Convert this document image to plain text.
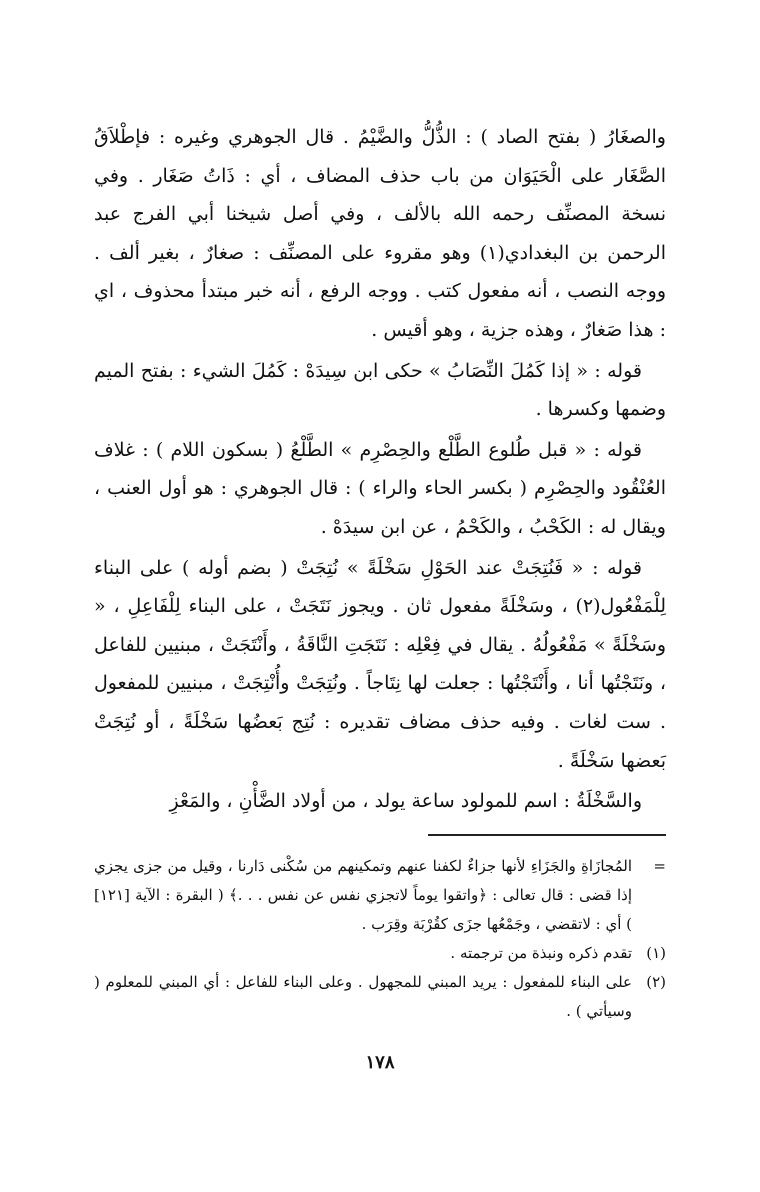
والصغَارُ ( بفتح الصاد ) : الذُّلُّ والضَّيْمُ . قال الجوهري وغيره : فإطْلاَقُ الصَّغَار على الْحَيَوَان من باب حذف المضاف ، أي : ذَاتُ صَغَار . وفي نسخة المصنِّف رحمه الله بالألف ، وفي أصل شيخنا أبي الفرج عبد الرحمن بن البغدادي(١) وهو مقروء على المصنِّف : صغارٌ ، بغير ألف . ووجه النصب ، أنه مفعول كتب . ووجه الرفع ، أنه خبر مبتدأ محذوف ، اي : هذا صَغارٌ ، وهذه جزية ، وهو أقيس .

قوله : « إذا كَمُلَ النِّصَابُ » حكى ابن سِيدَهْ : كَمُلَ الشيء : بفتح الميم وضمها وكسرها .

قوله : « قبل طُلوع الطَّلْع والحِصْرِم » الطَّلْعُ ( بسكون اللام ) : غلاف العُنْقُود والحِصْرِم ( بكسر الحاء والراء ) : قال الجوهري : هو أول العنب ، ويقال له : الكَحْبُ ، والكَحْمُ ، عن ابن سيدَهْ .

قوله : « فَنُتِجَتْ عند الحَوْلِ سَخْلَةً » نُتِجَتْ ( بضم أوله ) على البناء لِلْمَفْعُول(٢) ، وسَخْلَةً مفعول ثان . ويجوز نَتَجَتْ ، على البناء لِلْفَاعِلِ ، « وسَخْلَةً » مَفْعُولُهُ . يقال في فِعْلِه : نَتَجَتِ النَّاقَةُ ، وأَنْتَجَتْ ، مبنيين للفاعل ، ونَتَجْتُها أنا ، وأَنْتَجْتُها : جعلت لها نِتَاجاً . ونُتِجَتْ وأُنْتِجَتْ ، مبنيين للمفعول . ست لغات . وفيه حذف مضاف تقديره : نُتِج بَعضُها سَخْلَةً ، أو نُتِجَتْ بَعضها سَخْلَةً .

والسَّخْلَةُ : اسم للمولود ساعة يولد ، من أولاد الضَّأْنِ ، والمَعْزِ

=
المُجازَاةِ والجَزَاءِ لأنها جزاءٌ لكفنا عنهم وتمكينهم من سُكْنى دَارنا ، وقيل من جزى يجزي إذا قضى : قال تعالى : ﴿واتقوا يوماً لاتجزي نفس عن نفس . . .﴾ ( البقرة : الآية [١٢١] ) أي : لاتقضي ، وجَمْعُها جزَى كقُرْبَة وقِرَب .
(١)
تقدم ذكره ونبذة من ترجمته .
(٢)
على البناء للمفعول : يريد المبني للمجهول . وعلى البناء للفاعل : أي المبني للمعلوم ( وسيأتي ) .
١٧٨
